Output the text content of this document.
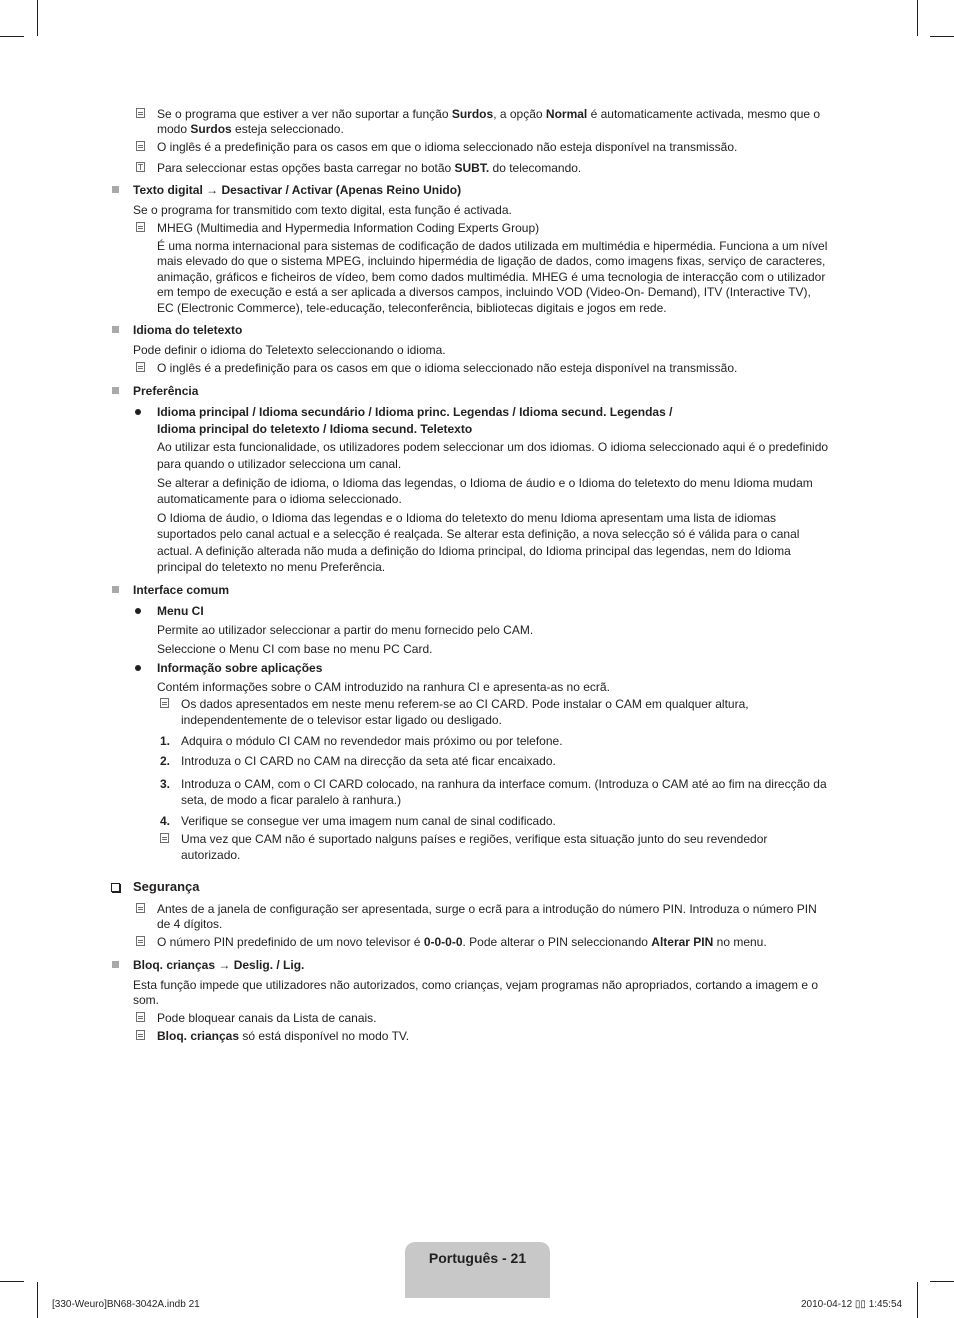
Se o programa que estiver a ver não suportar a função Surdos, a opção Normal é automaticamente activada, mesmo que o
modo Surdos esteja seleccionado.
O inglês é a predefinição para os casos em que o idioma seleccionado não esteja disponível na transmissão.
Para seleccionar estas opções basta carregar no botão SUBT. do telecomando.
Texto digital → Desactivar / Activar (Apenas Reino Unido)
Se o programa for transmitido com texto digital, esta função é activada.
MHEG (Multimedia and Hypermedia Information Coding Experts Group)
É uma norma internacional para sistemas de codificação de dados utilizada em multimédia e hipermédia. Funciona a um nível
mais elevado do que o sistema MPEG, incluindo hipermédia de ligação de dados, como imagens fixas, serviço de caracteres,
animação, gráficos e ficheiros de vídeo, bem como dados multimédia. MHEG é uma tecnologia de interacção com o utilizador
em tempo de execução e está a ser aplicada a diversos campos, incluindo VOD (Video-On- Demand), ITV (Interactive TV),
EC (Electronic Commerce), tele-educação, teleconferência, bibliotecas digitais e jogos em rede.
Idioma do teletexto
Pode definir o idioma do Teletexto seleccionando o idioma.
O inglês é a predefinição para os casos em que o idioma seleccionado não esteja disponível na transmissão.
Preferência
Idioma principal / Idioma secundário / Idioma princ. Legendas / Idioma secund. Legendas /
Idioma principal do teletexto / Idioma secund. Teletexto
Ao utilizar esta funcionalidade, os utilizadores podem seleccionar um dos idiomas. O idioma seleccionado aqui é o predefinido
para quando o utilizador selecciona um canal.
Se alterar a definição de idioma, o Idioma das legendas, o Idioma de áudio e o Idioma do teletexto do menu Idioma mudam
automaticamente para o idioma seleccionado.
O Idioma de áudio, o Idioma das legendas e o Idioma do teletexto do menu Idioma apresentam uma lista de idiomas
suportados pelo canal actual e a selecção é realçada. Se alterar esta definição, a nova selecção só é válida para o canal
actual. A definição alterada não muda a definição do Idioma principal, do Idioma principal das legendas, nem do Idioma
principal do teletexto no menu Preferência.
Interface comum
Menu CI
Permite ao utilizador seleccionar a partir do menu fornecido pelo CAM.
Seleccione o Menu CI com base no menu PC Card.
Informação sobre aplicações
Contém informações sobre o CAM introduzido na ranhura CI e apresenta-as no ecrã.
Os dados apresentados em neste menu referem-se ao CI CARD. Pode instalar o CAM em qualquer altura,
independentemente de o televisor estar ligado ou desligado.
1. Adquira o módulo CI CAM no revendedor mais próximo ou por telefone.
2. Introduza o CI CARD no CAM na direcção da seta até ficar encaixado.
3. Introduza o CAM, com o CI CARD colocado, na ranhura da interface comum. (Introduza o CAM até ao fim na direcção da
seta, de modo a ficar paralelo à ranhura.)
4. Verifique se consegue ver uma imagem num canal de sinal codificado.
Uma vez que CAM não é suportado nalguns países e regiões, verifique esta situação junto do seu revendedor
autorizado.
Segurança
Antes de a janela de configuração ser apresentada, surge o ecrã para a introdução do número PIN. Introduza o número PIN
de 4 dígitos.
O número PIN predefinido de um novo televisor é 0-0-0-0. Pode alterar o PIN seleccionando Alterar PIN no menu.
Bloq. crianças → Deslig. / Lig.
Esta função impede que utilizadores não autorizados, como crianças, vejam programas não apropriados, cortando a imagem e o
som.
Pode bloquear canais da Lista de canais.
Bloq. crianças só está disponível no modo TV.
Português - 21
[330-Weuro]BN68-3042A.indb 21	2010-04-12 ▯▯ 1:45:54
